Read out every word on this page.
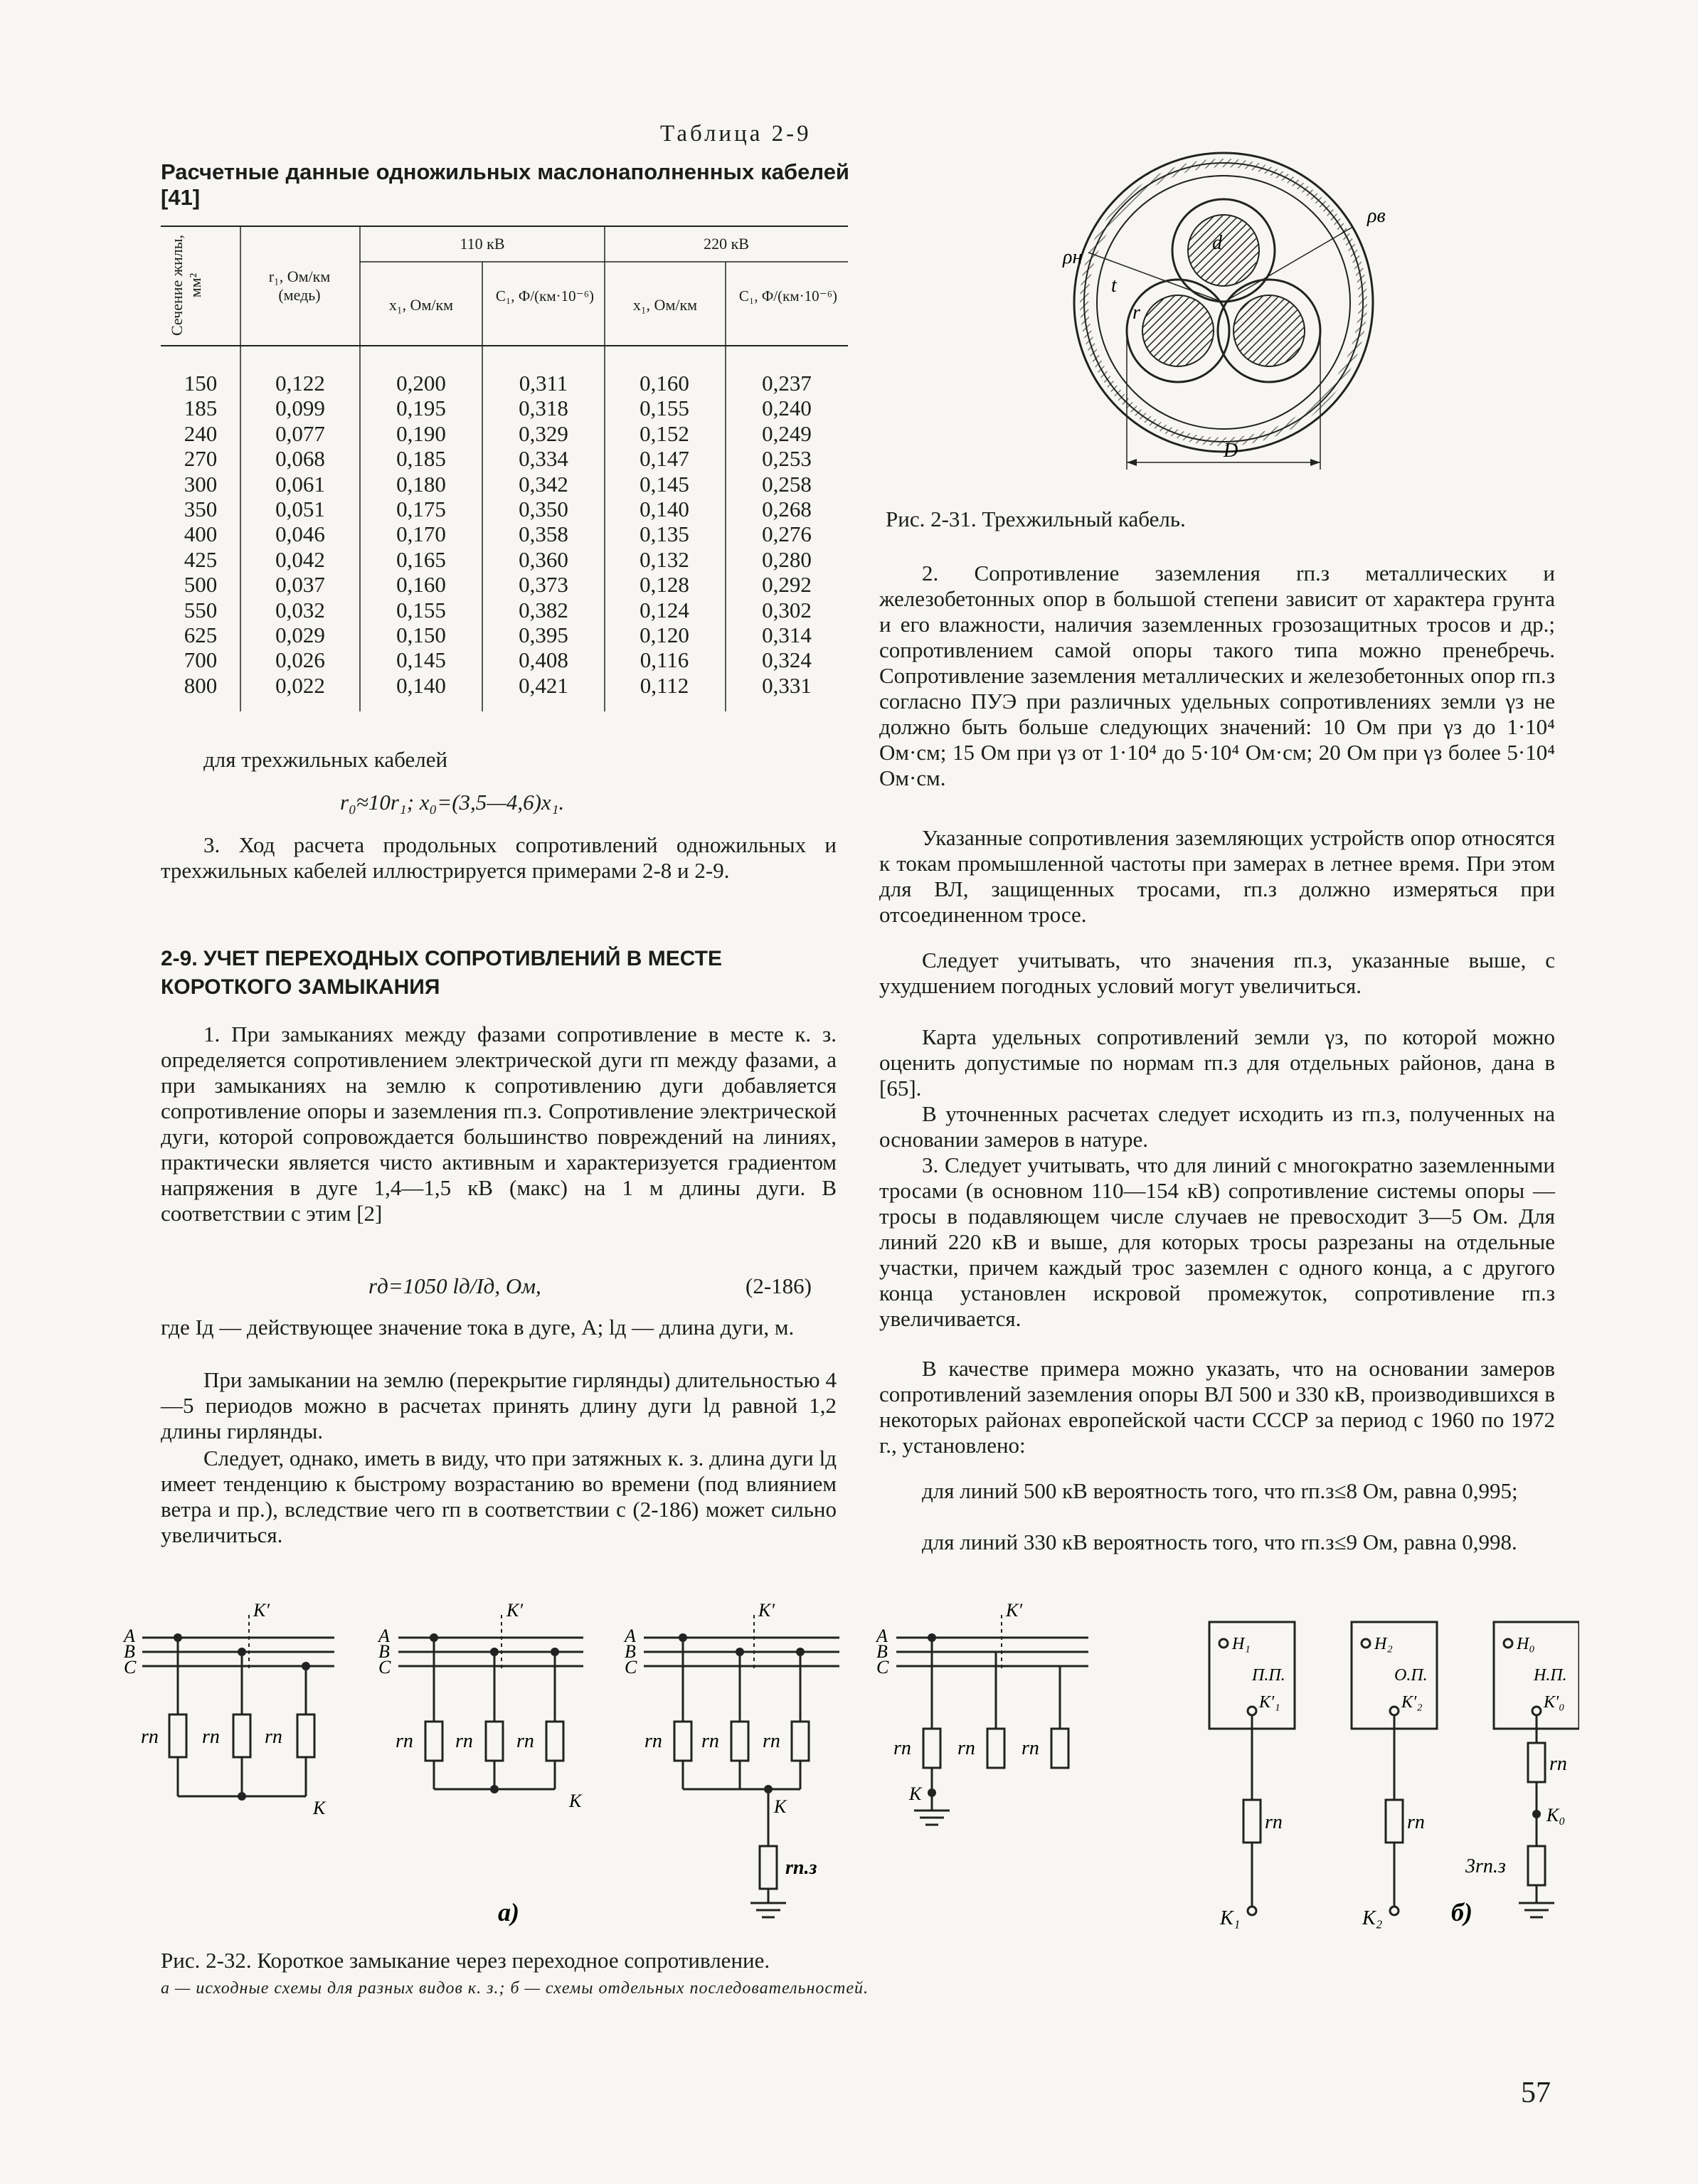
Таблица 2-9
Расчетные данные одножильных маслонаполненных кабелей [41]
Сечение жилы, мм²	r₁, Ом/км (медь)
110 кВ	220 кВ
x₁, Ом/км	C₁, Ф/(км·10⁻⁶)	x₁, Ом/км	C₁, Ф/(км·10⁻⁶)
150	0,122	0,200	0,311	0,160	0,237
185	0,099	0,195	0,318	0,155	0,240
240	0,077	0,190	0,329	0,152	0,249
270	0,068	0,185	0,334	0,147	0,253
300	0,061	0,180	0,342	0,145	0,258
350	0,051	0,175	0,350	0,140	0,268
400	0,046	0,170	0,358	0,135	0,276
425	0,042	0,165	0,360	0,132	0,280
500	0,037	0,160	0,373	0,128	0,292
550	0,032	0,155	0,382	0,124	0,302
625	0,029	0,150	0,395	0,120	0,314
700	0,026	0,145	0,408	0,116	0,324
800	0,022	0,140	0,421	0,112	0,331
для трехжильных кабелей
r₀≈10r₁; x₀=(3,5—4,6)x₁.
3. Ход расчета продольных сопротивлений одножильных и трехжильных кабелей иллюстрируется примерами 2-8 и 2-9.
2-9. УЧЕТ ПЕРЕХОДНЫХ СОПРОТИВЛЕНИЙ В МЕСТЕ
КОРОТКОГО ЗАМЫКАНИЯ
1. При замыканиях между фазами сопротивление в месте к. з. определяется сопротивлением электрической дуги rп между фазами, а при замыканиях на землю к сопротивлению дуги добавляется сопротивление опоры и заземления rп.з. Сопротивление электрической дуги, которой сопровождается большинство повреждений на линиях, практически является чисто активным и характеризуется градиентом напряжения в дуге 1,4—1,5 кВ (макс) на 1 м длины дуги. В соответствии с этим [2]
rд=1050 lд/Iд, Ом,	(2-186)
где Iд — действующее значение тока в дуге, А; lд — длина дуги, м.
При замыкании на землю (перекрытие гирлянды) длительностью 4—5 периодов можно в расчетах принять длину дуги lд равной 1,2 длины гирлянды.
Следует, однако, иметь в виду, что при затяжных к. з. длина дуги lд имеет тенденцию к быстрому возрастанию во времени (под влиянием ветра и пр.), вследствие чего rп в соответствии с (2-186) может сильно увеличиться.
ρв
ρн
d
t
r
D
Рис. 2-31. Трехжильный кабель.
2. Сопротивление заземления rп.з металлических и железобетонных опор в большой степени зависит от характера грунта и его влажности, наличия заземленных грозозащитных тросов и др.; сопротивлением самой опоры такого типа можно пренебречь. Сопротивление заземления металлических и железобетонных опор rп.з согласно ПУЭ при различных удельных сопротивлениях земли γз не должно быть больше следующих значений: 10 Ом при γз до 1·10⁴ Ом·см; 15 Ом при γз от 1·10⁴ до 5·10⁴ Ом·см; 20 Ом при γз более 5·10⁴ Ом·см.
Указанные сопротивления заземляющих устройств опор относятся к токам промышленной частоты при замерах в летнее время. При этом для ВЛ, защищенных тросами, rп.з должно измеряться при отсоединенном тросе.
Следует учитывать, что значения rп.з, указанные выше, с ухудшением погодных условий могут увеличиться.
Карта удельных сопротивлений земли γз, по которой можно оценить допустимые по нормам rп.з для отдельных районов, дана в [65].
В уточненных расчетах следует исходить из rп.з, полученных на основании замеров в натуре.
3. Следует учитывать, что для линий с многократно заземленными тросами (в основном 110—154 кВ) сопротивление системы опоры — тросы в подавляющем числе случаев не превосходит 3—5 Ом. Для линий 220 кВ и выше, для которых тросы разрезаны на отдельные участки, причем каждый трос заземлен с одного конца, а с другого конца установлен искровой промежуток, сопротивление rп.з увеличивается.
В качестве примера можно указать, что на основании замеров сопротивлений заземления опоры ВЛ 500 и 330 кВ, производившихся в некоторых районах европейской части СССР за период с 1960 по 1972 г., установлено:
для линий 500 кВ вероятность того, что rп.з≤8 Ом, равна 0,995;
для линий 330 кВ вероятность того, что rп.з≤9 Ом, равна 0,998.
A
B
C
K′
rп rп rп
K
A
B
C
K′
rп rп rп
K
A
B
C
K′
rп rп rп
K
rп.з
A
B
C
K′
rп rп rп
K
а)
H₁
П.П.
K′₁
rп
K₁
H₂
О.П.
K′₂
rп
K₂
H₀
Н.П.
K′₀
rп
K₀
3rп.з
б)
Рис. 2-32. Короткое замыкание через переходное сопротивление.
а — исходные схемы для разных видов к. з.; б — схемы отдельных последовательностей.
57
